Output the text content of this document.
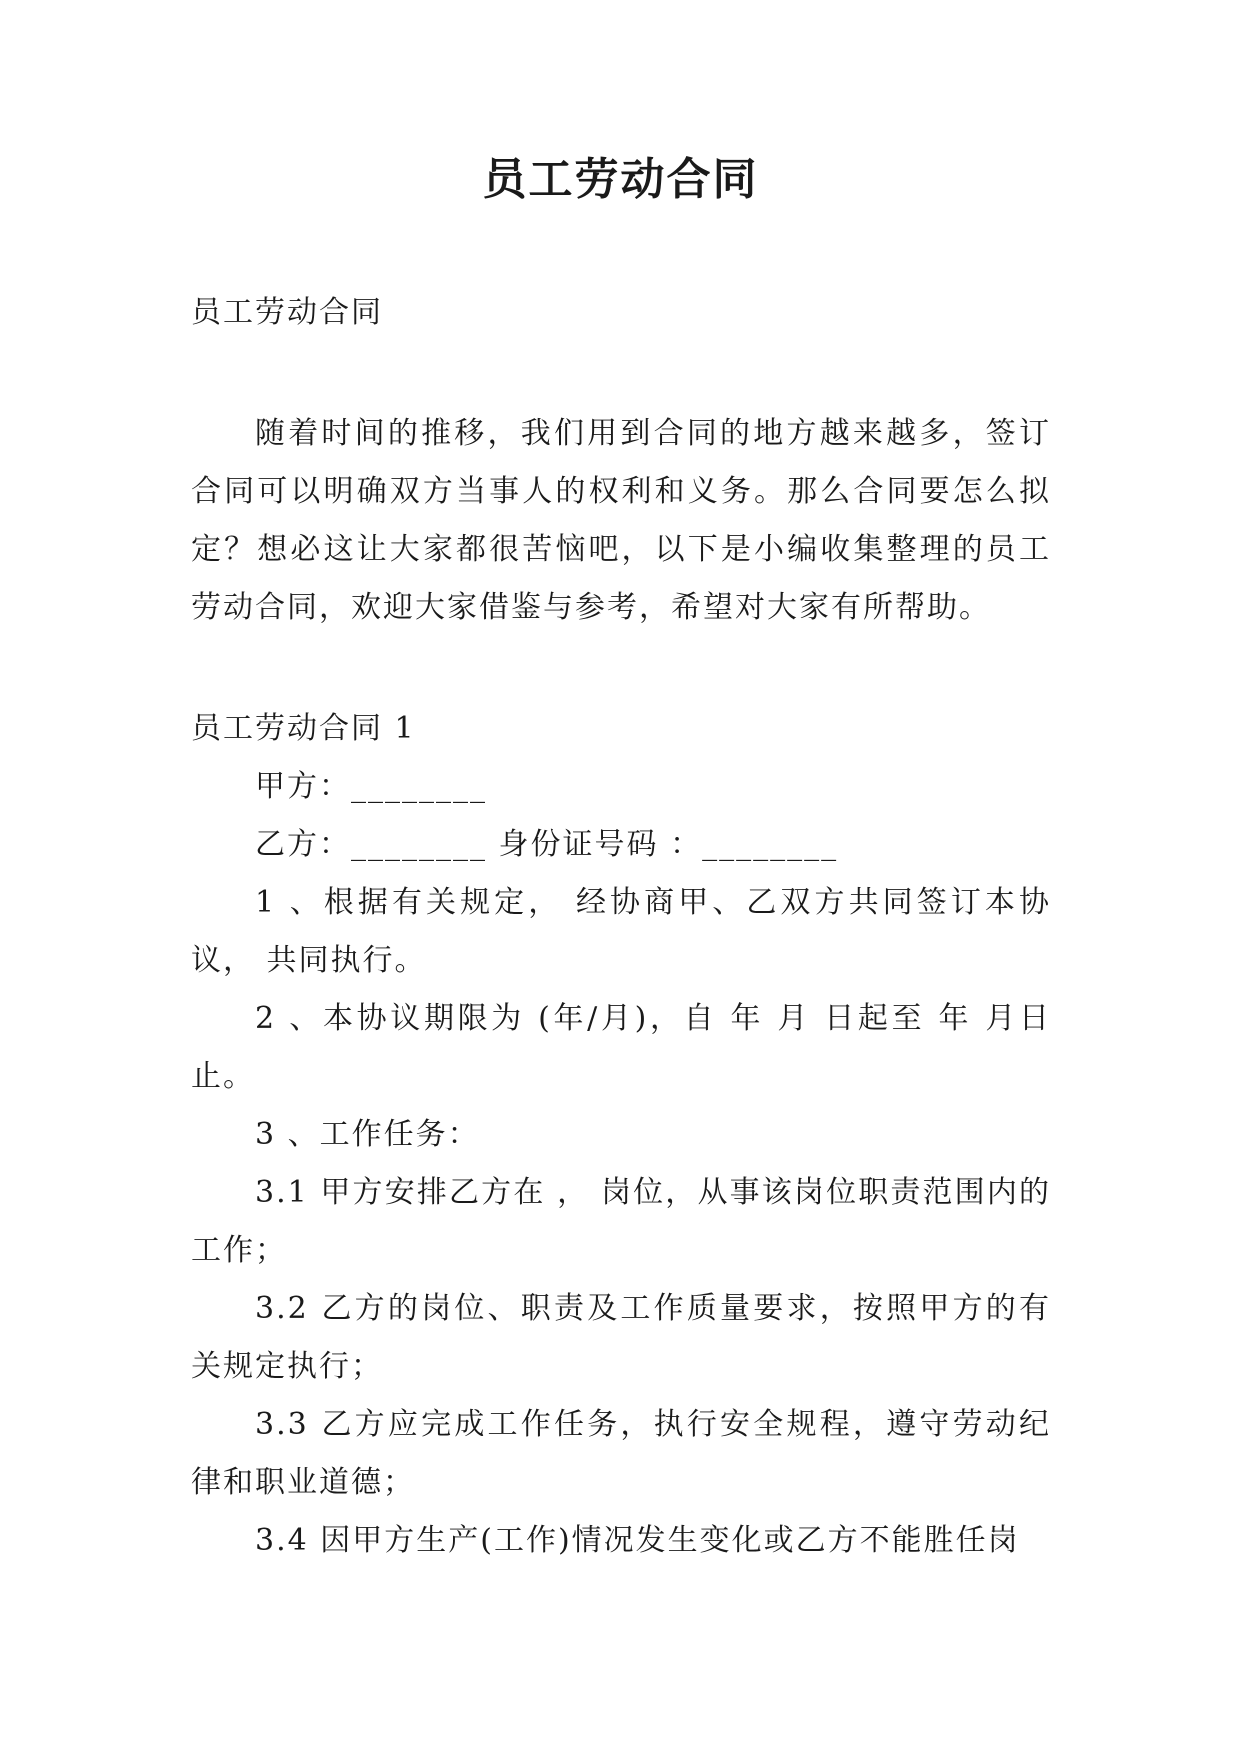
员工劳动合同
员工劳动合同

随着时间的推移，我们用到合同的地方越来越多，签订合同可以明确双方当事人的权利和义务。那么合同要怎么拟定？想必这让大家都很苦恼吧，以下是小编收集整理的员工劳动合同，欢迎大家借鉴与参考，希望对大家有所帮助。

员工劳动合同 1

甲方：________

乙方：________ 身份证号码 ：________

1 、根据有关规定， 经协商甲、乙双方共同签订本协议， 共同执行。

2 、本协议期限为 (年/月)，自 年 月 日起至 年 月日止。

3 、工作任务：

3.1 甲方安排乙方在 ， 岗位，从事该岗位职责范围内的工作；

3.2 乙方的岗位、职责及工作质量要求，按照甲方的有关规定执行；

3.3 乙方应完成工作任务，执行安全规程，遵守劳动纪律和职业道德；

3.4 因甲方生产(工作)情况发生变化或乙方不能胜任岗
